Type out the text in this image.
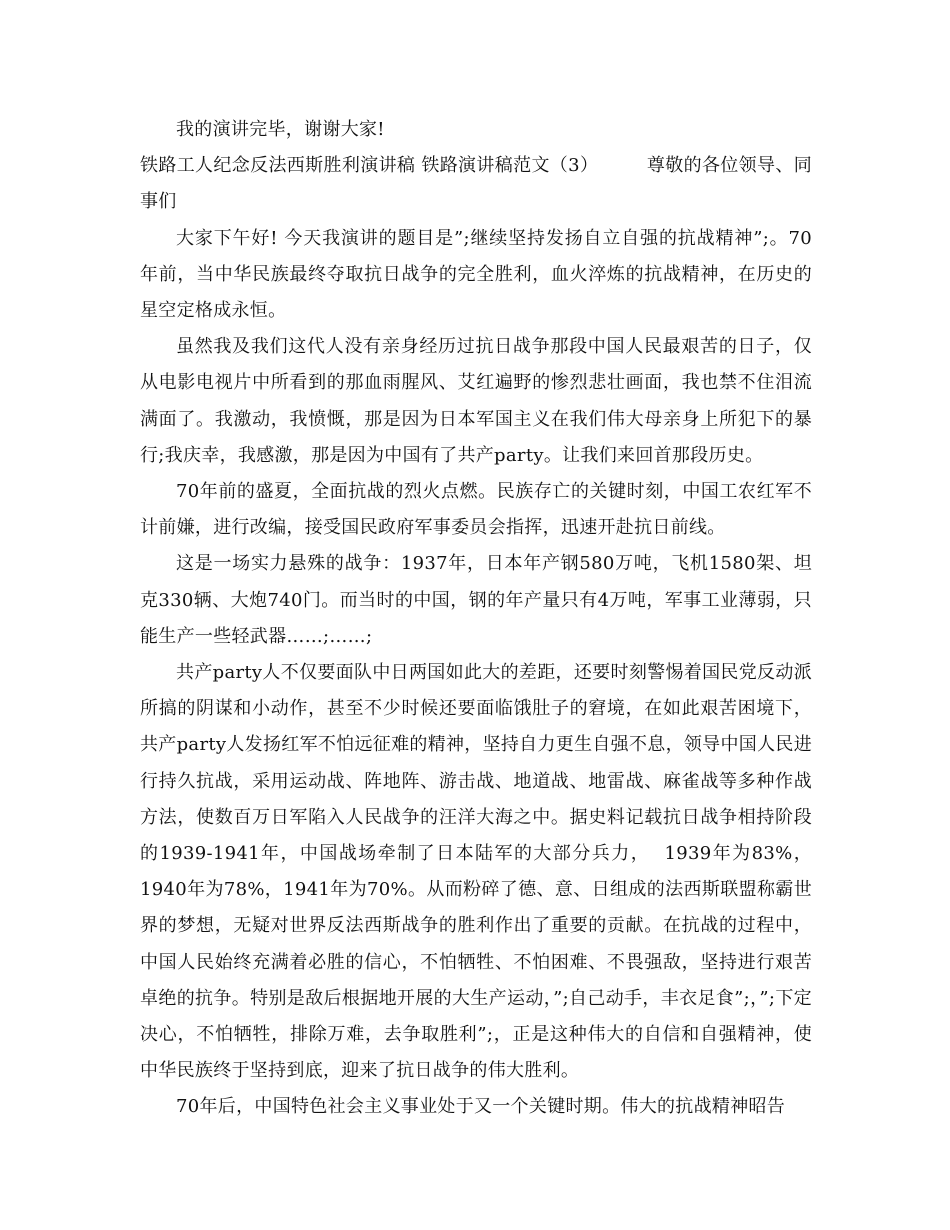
我的演讲完毕，谢谢大家!

铁路工人纪念反法西斯胜利演讲稿 铁路演讲稿范文（3）        尊敬的各位领导、同事们

大家下午好! 今天我演讲的题目是”;继续坚持发扬自立自强的抗战精神”;。70年前，当中华民族最终夺取抗日战争的完全胜利，血火淬炼的抗战精神，在历史的星空定格成永恒。

虽然我及我们这代人没有亲身经历过抗日战争那段中国人民最艰苦的日子，仅从电影电视片中所看到的那血雨腥风、艾红遍野的惨烈悲壮画面，我也禁不住泪流满面了。我激动，我愤慨，那是因为日本军国主义在我们伟大母亲身上所犯下的暴行;我庆幸，我感激，那是因为中国有了共产party。让我们来回首那段历史。

70年前的盛夏，全面抗战的烈火点燃。民族存亡的关键时刻，中国工农红军不计前嫌，进行改编，接受国民政府军事委员会指挥，迅速开赴抗日前线。

这是一场实力悬殊的战争：1937年，日本年产钢580万吨，飞机1580架、坦克330辆、大炮740门。而当时的中国，钢的年产量只有4万吨，军事工业薄弱，只能生产一些轻武器……;……;

共产party人不仅要面队中日两国如此大的差距，还要时刻警惕着国民党反动派所搞的阴谋和小动作，甚至不少时候还要面临饿肚子的窘境，在如此艰苦困境下，共产party人发扬红军不怕远征难的精神，坚持自力更生自强不息，领导中国人民进行持久抗战，采用运动战、阵地阵、游击战、地道战、地雷战、麻雀战等多种作战方法，使数百万日军陷入人民战争的汪洋大海之中。据史料记载抗日战争相持阶段的1939-1941年，中国战场牵制了日本陆军的大部分兵力，  1939年为83%，1940年为78%，1941年为70%。从而粉碎了德、意、日组成的法西斯联盟称霸世界的梦想，无疑对世界反法西斯战争的胜利作出了重要的贡献。在抗战的过程中，中国人民始终充满着必胜的信心，不怕牺牲、不怕困难、不畏强敌，坚持进行艰苦卓绝的抗争。特别是敌后根据地开展的大生产运动，”;自己动手，丰衣足食”;，”;下定决心，不怕牺牲，排除万难，去争取胜利”;，正是这种伟大的自信和自强精神，使中华民族终于坚持到底，迎来了抗日战争的伟大胜利。

70年后，中国特色社会主义事业处于又一个关键时期。伟大的抗战精神昭告
